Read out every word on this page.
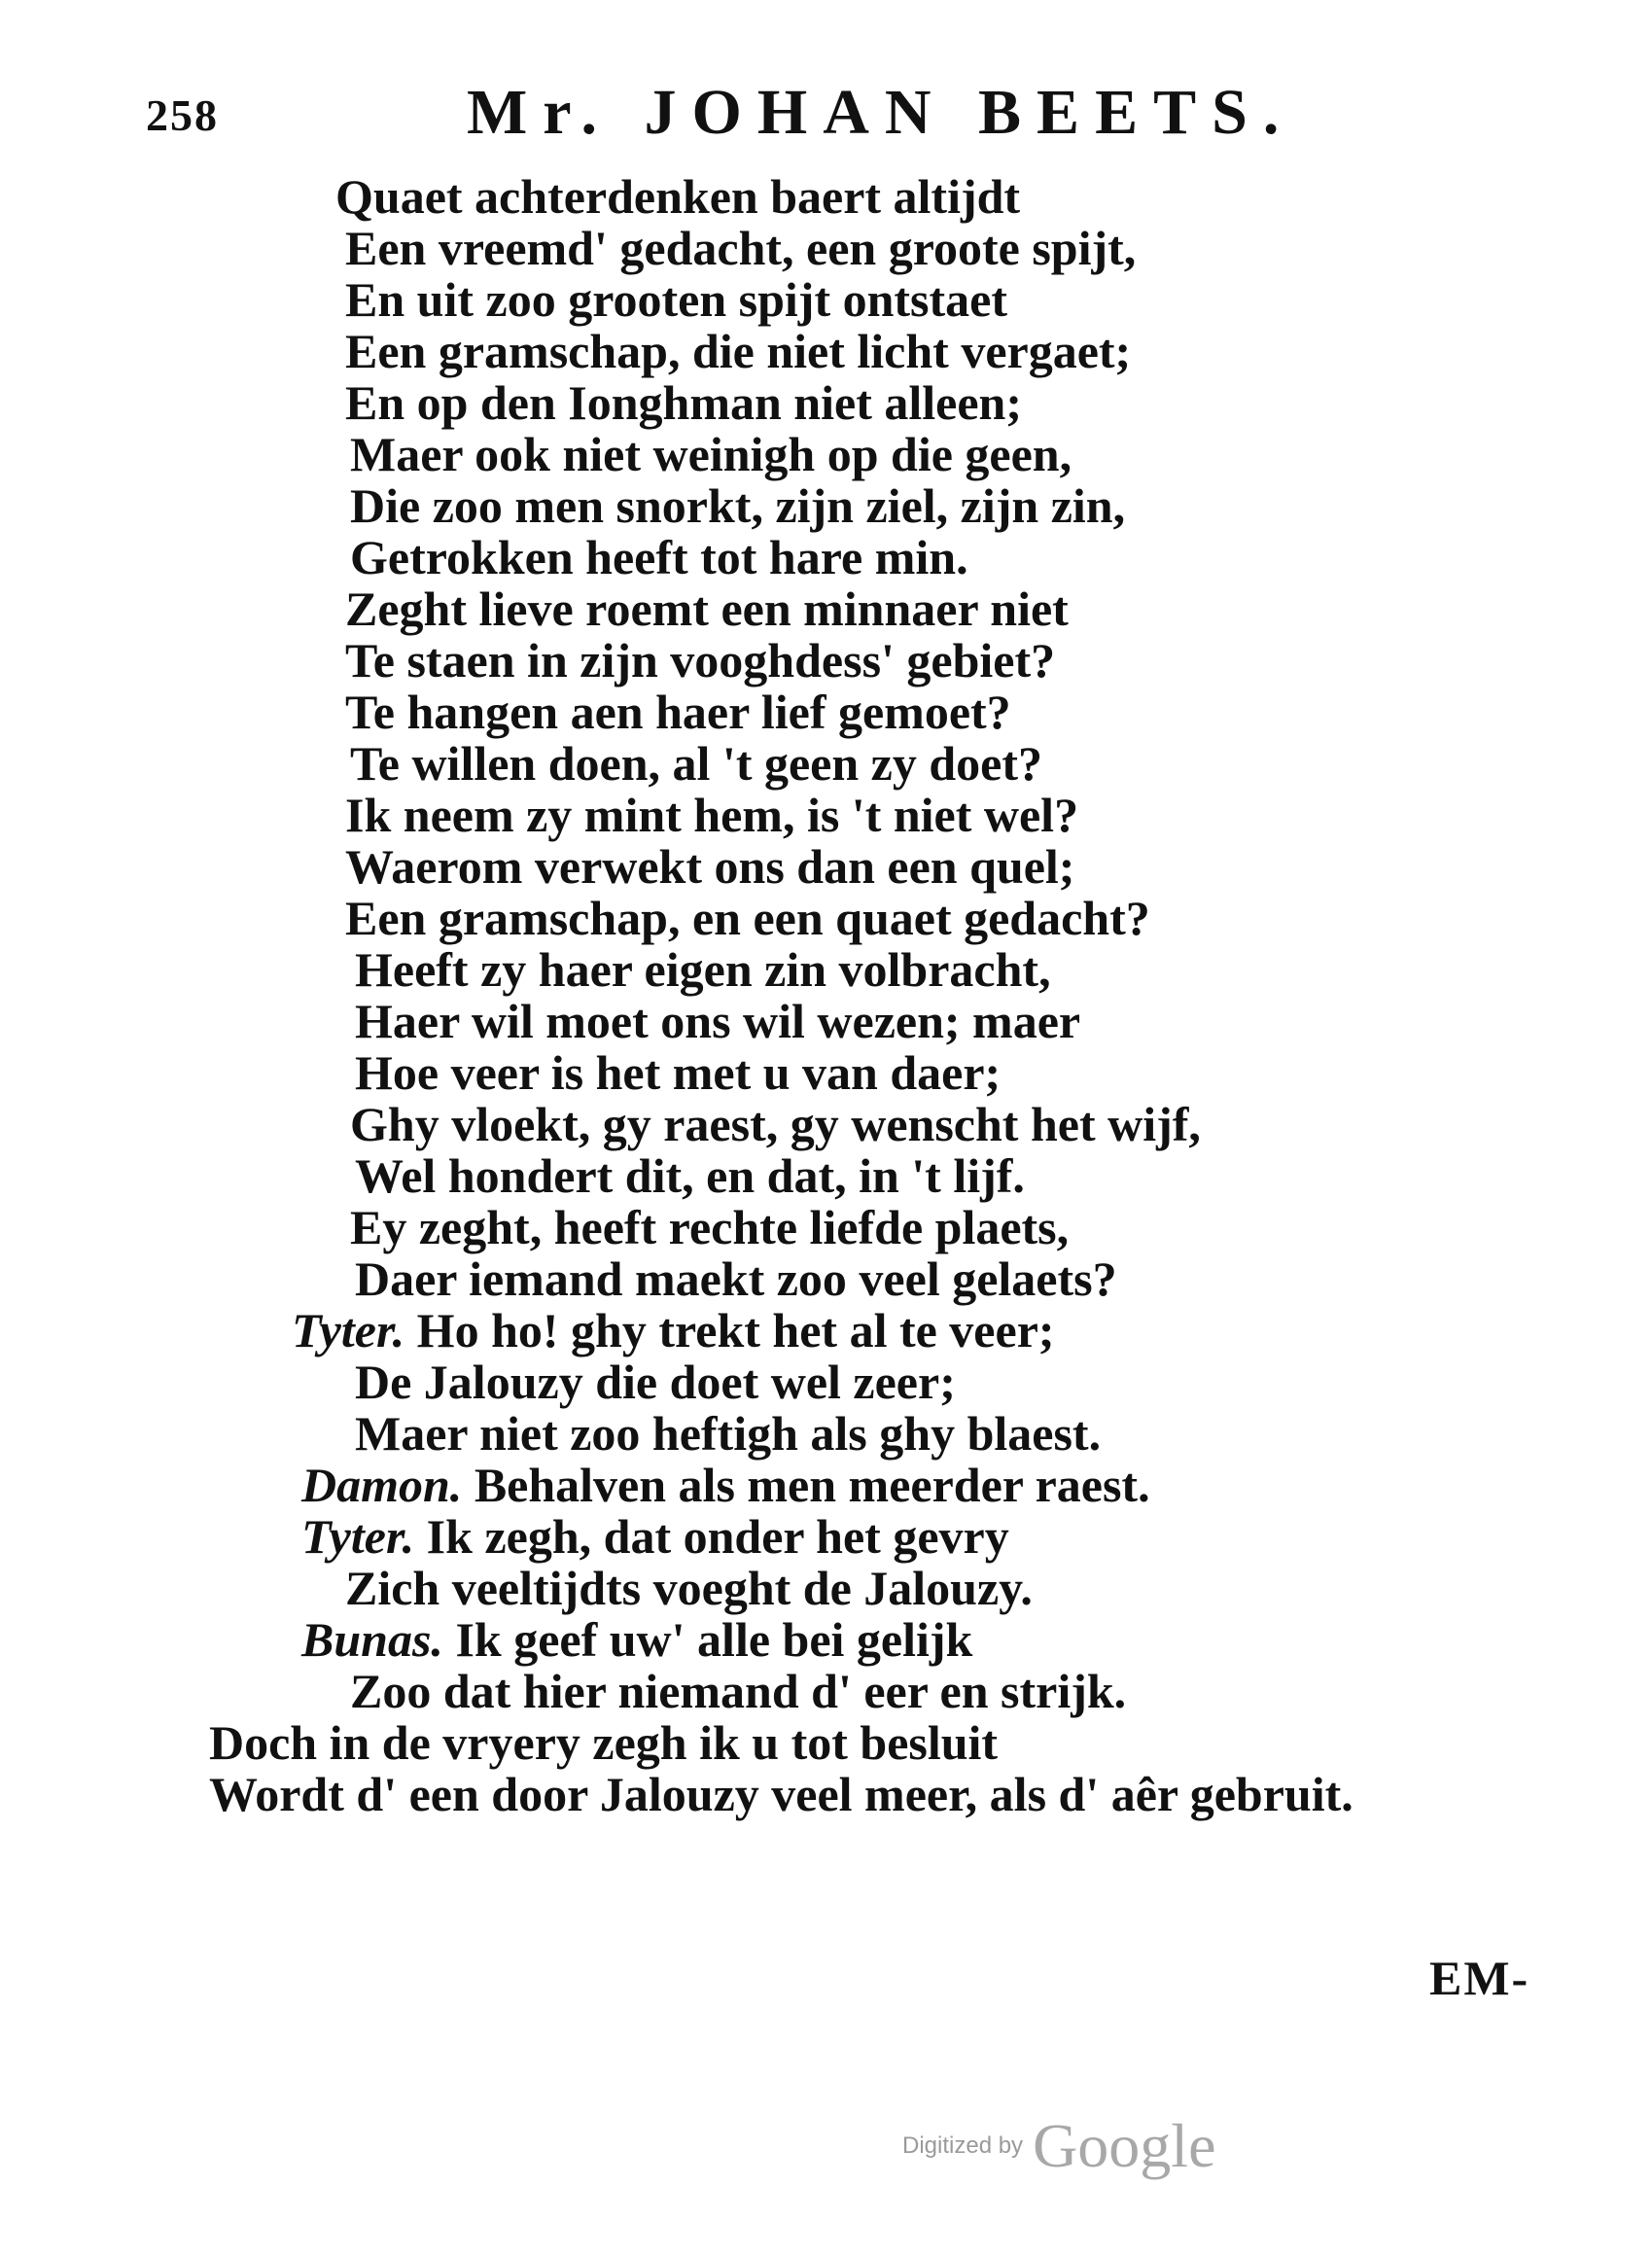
258	Mr. JOHAN BEETS.
Quaet achterdenken baert altijdt
Een vreemd' gedacht, een groote spijt,
En uit zoo grooten spijt ontstaet
Een gramschap, die niet licht vergaet;
En op den Ionghman niet alleen;
Maer ook niet weinigh op die geen,
Die zoo men snorkt, zijn ziel, zijn zin,
Getrokken heeft tot hare min.
Zeght lieve roemt een minnaer niet
Te staen in zijn vooghdess' gebiet?
Te hangen aen haer lief gemoet?
Te willen doen, al 't geen zy doet?
Ik neem zy mint hem, is 't niet wel?
Waerom verwekt ons dan een quel;
Een gramschap, en een quaet gedacht?
Heeft zy haer eigen zin volbracht,
Haer wil moet ons wil wezen; maer
Hoe veer is het met u van daer;
Ghy vloekt, gy raest, gy wenscht het wijf,
Wel hondert dit, en dat, in 't lijf.
Ey zeght, heeft rechte liefde plaets,
Daer iemand maekt zoo veel gelaets?
Tyter. Ho ho! ghy trekt het al te veer;
De Jalouzy die doet wel zeer;
Maer niet zoo heftigh als ghy blaest.
Damon. Behalven als men meerder raest.
Tyter. Ik zegh, dat onder het gevry
Zich veeltijdts voeght de Jalouzy.
Bunas. Ik geef uw' alle bei gelijk
Zoo dat hier niemand d' eer en strijk.
Doch in de vryery zegh ik u tot besluit
Wordt d' een door Jalouzy veel meer, als d' aêr gebruit.
EM-
Digitized by Google
